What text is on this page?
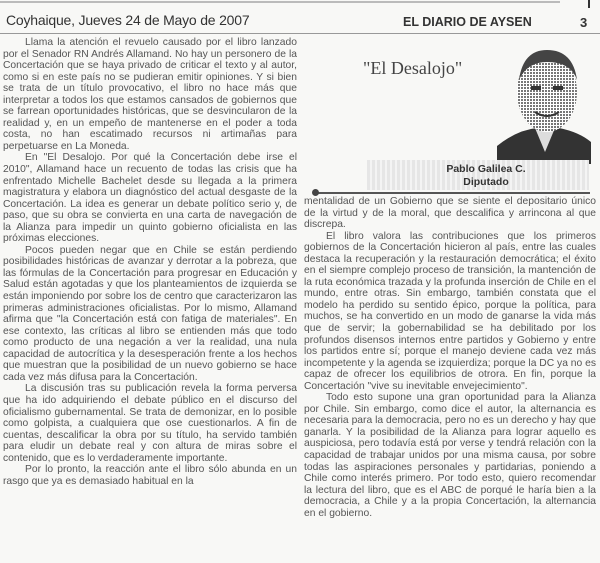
Coyhaique, Jueves 24 de Mayo de 2007	EL DIARIO DE AYSEN	3

Llama la atención el revuelo causado por el libro lanzado por el Senador RN Andrés Allamand. No hay un personero de la Concertación que se haya privado de criticar el texto y al autor, como si en este país no se pudieran emitir opiniones. Y si bien se trata de un título provocativo, el libro no hace más que interpretar a todos los que estamos cansados de gobiernos que se farrean oportunidades históricas, que se desvincularon de la realidad y, en un empeño de mantenerse en el poder a toda costa, no han escatimado recursos ni artimañas para perpetuarse en La Moneda.

En "El Desalojo. Por qué la Concertación debe irse el 2010", Allamand hace un recuento de todas las crisis que ha enfrentado Michelle Bachelet desde su llegada a la primera magistratura y elabora un diagnóstico del actual desgaste de la Concertación. La idea es generar un debate político serio y, de paso, que su obra se convierta en una carta de navegación de la Alianza para impedir un quinto gobierno oficialista en las próximas elecciones.

Pocos pueden negar que en Chile se están perdiendo posibilidades históricas de avanzar y derrotar a la pobreza, que las fórmulas de la Concertación para progresar en Educación y Salud están agotadas y que los planteamientos de izquierda se están imponiendo por sobre los de centro que caracterizaron las primeras administraciones oficialistas. Por lo mismo, Allamand afirma que "la Concertación está con fatiga de materiales". En ese contexto, las críticas al libro se entienden más que todo como producto de una negación a ver la realidad, una nula capacidad de autocrítica y la desesperación frente a los hechos que muestran que la posibilidad de un nuevo gobierno se hace cada vez más difusa para la Concertación.

La discusión tras su publicación revela la forma perversa que ha ido adquiriendo el debate público en el discurso del oficialismo gubernamental. Se trata de demonizar, en lo posible como golpista, a cualquiera que ose cuestionarlos. A fin de cuentas, descalificar la obra por su título, ha servido también para eludir un debate real y con altura de miras sobre el contenido, que es lo verdaderamente importante.

Por lo pronto, la reacción ante el libro sólo abunda en un rasgo que ya es demasiado habitual en la

"El Desalojo"
Pablo Galilea C.
Diputado

mentalidad de un Gobierno que se siente el depositario único de la virtud y de la moral, que descalifica y arrincona al que discrepa.

El libro valora las contribuciones que los primeros gobiernos de la Concertación hicieron al país, entre las cuales destaca la recuperación y la restauración democrática; el éxito en el siempre complejo proceso de transición, la mantención de la ruta económica trazada y la profunda inserción de Chile en el mundo, entre otras. Sin embargo, también constata que el modelo ha perdido su sentido épico, porque la política, para muchos, se ha convertido en un modo de ganarse la vida más que de servir; la gobernabilidad se ha debilitado por los profundos disensos internos entre partidos y Gobierno y entre los partidos entre sí; porque el manejo deviene cada vez más incompetente y la agenda se izquierdiza; porque la DC ya no es capaz de ofrecer los equilibrios de otrora. En fin, porque la Concertación "vive su inevitable envejecimiento".

Todo esto supone una gran oportunidad para la Alianza por Chile. Sin embargo, como dice el autor, la alternancia es necesaria para la democracia, pero no es un derecho y hay que ganarla. Y la posibilidad de la Alianza para lograr aquello es auspiciosa, pero todavía está por verse y tendrá relación con la capacidad de trabajar unidos por una misma causa, por sobre todas las aspiraciones personales y partidarias, poniendo a Chile como interés primero. Por todo esto, quiero recomendar la lectura del libro, que es el ABC de porqué le haría bien a la democracia, a Chile y a la propia Concertación, la alternancia en el gobierno.
